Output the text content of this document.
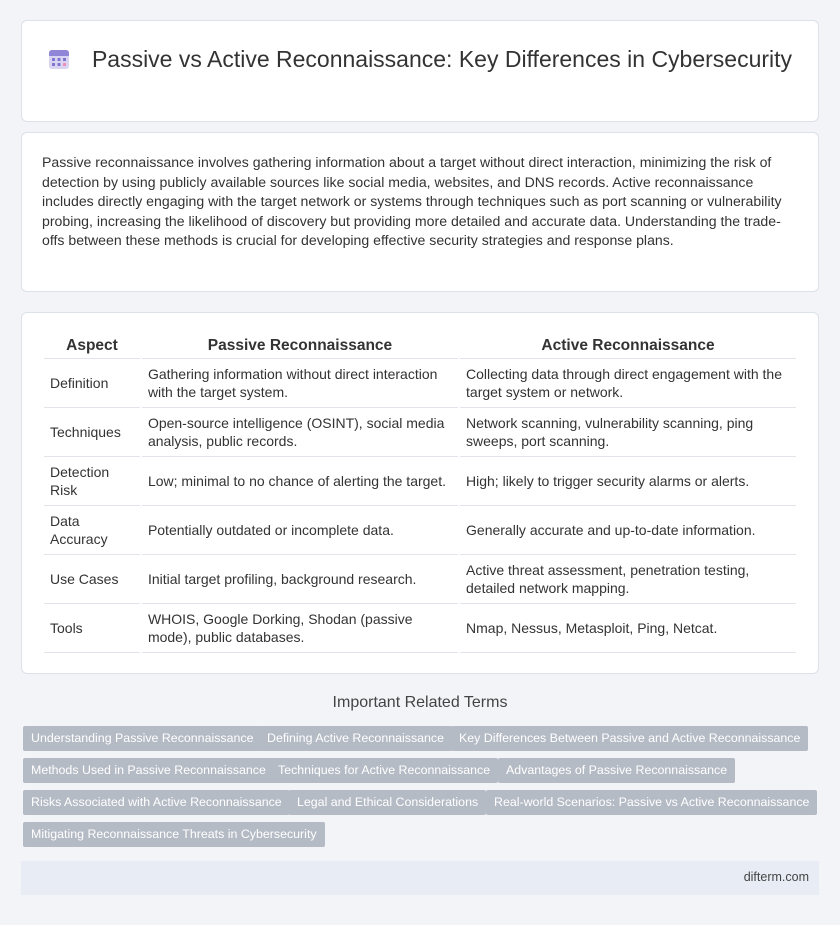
Passive vs Active Reconnaissance: Key Differences in Cybersecurity

Passive reconnaissance involves gathering information about a target without direct interaction, minimizing the risk of detection by using publicly available sources like social media, websites, and DNS records. Active reconnaissance includes directly engaging with the target network or systems through techniques such as port scanning or vulnerability probing, increasing the likelihood of discovery but providing more detailed and accurate data. Understanding the trade-offs between these methods is crucial for developing effective security strategies and response plans.

Aspect	Passive Reconnaissance	Active Reconnaissance
Definition	Gathering information without direct interaction with the target system.	Collecting data through direct engagement with the target system or network.
Techniques	Open-source intelligence (OSINT), social media analysis, public records.	Network scanning, vulnerability scanning, ping sweeps, port scanning.
Detection Risk	Low; minimal to no chance of alerting the target.	High; likely to trigger security alarms or alerts.
Data Accuracy	Potentially outdated or incomplete data.	Generally accurate and up-to-date information.
Use Cases	Initial target profiling, background research.	Active threat assessment, penetration testing, detailed network mapping.
Tools	WHOIS, Google Dorking, Shodan (passive mode), public databases.	Nmap, Nessus, Metasploit, Ping, Netcat.
Important Related Terms
Understanding Passive Reconnaissance	Defining Active Reconnaissance	Key Differences Between Passive and Active Reconnaissance
Methods Used in Passive Reconnaissance Techniques for Active Reconnaissance	Advantages of Passive Reconnaissance
Risks Associated with Active Reconnaissance	Legal and Ethical Considerations	Real-world Scenarios: Passive vs Active Reconnaissance
Mitigating Reconnaissance Threats in Cybersecurity
difterm.com
